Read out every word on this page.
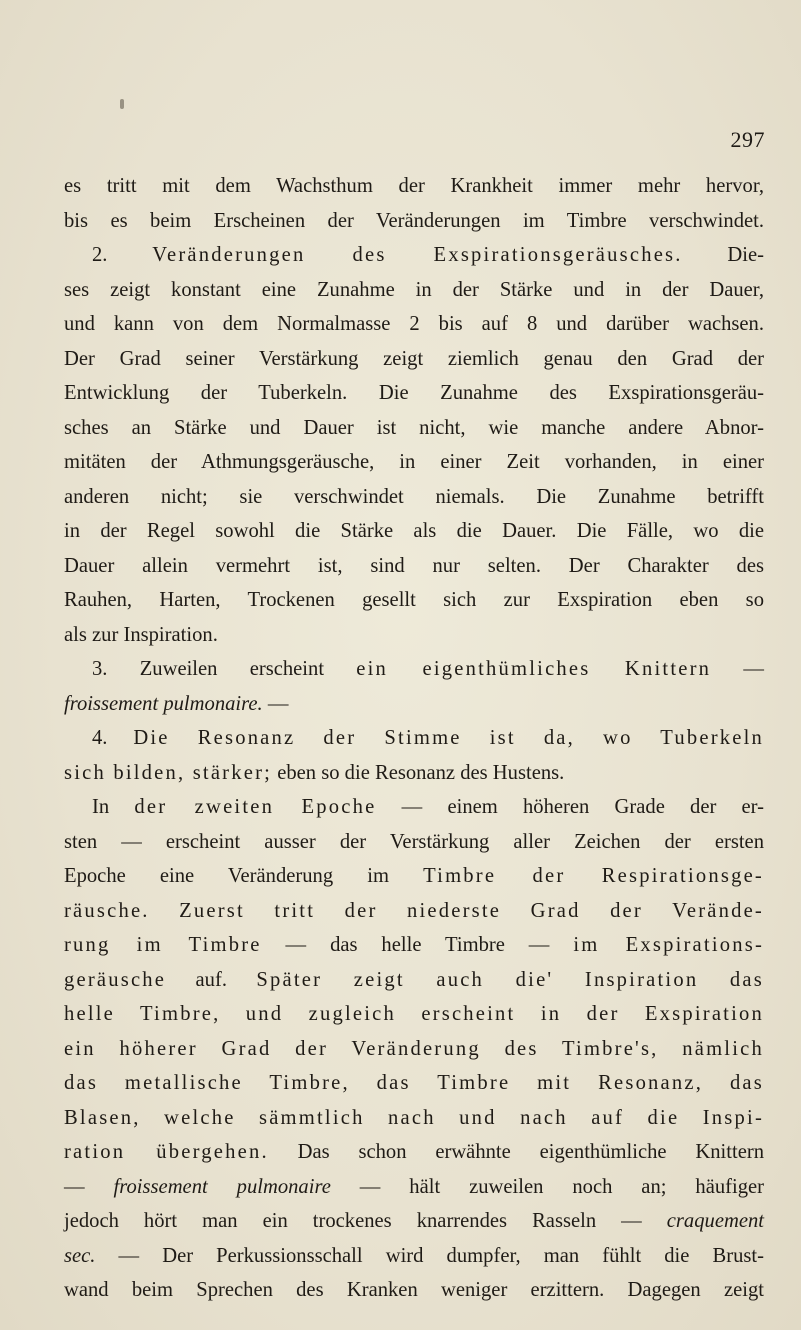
297
es tritt mit dem Wachsthum der Krankheit immer mehr hervor,
bis es beim Erscheinen der Veränderungen im Timbre verschwindet.
2. Veränderungen des Exspirationsgeräusches. Die-
ses zeigt konstant eine Zunahme in der Stärke und in der Dauer,
und kann von dem Normalmasse 2 bis auf 8 und darüber wachsen.
Der Grad seiner Verstärkung zeigt ziemlich genau den Grad der
Entwicklung der Tuberkeln. Die Zunahme des Exspirationsgeräu-
sches an Stärke und Dauer ist nicht, wie manche andere Abnor-
mitäten der Athmungsgeräusche, in einer Zeit vorhanden, in einer
anderen nicht; sie verschwindet niemals. Die Zunahme betrifft
in der Regel sowohl die Stärke als die Dauer. Die Fälle, wo die
Dauer allein vermehrt ist, sind nur selten. Der Charakter des
Rauhen, Harten, Trockenen gesellt sich zur Exspiration eben so
als zur Inspiration.
3. Zuweilen erscheint ein eigenthümliches Knittern —
froissement pulmonaire. —
4. Die Resonanz der Stimme ist da, wo Tuberkeln
sich bilden, stärker; eben so die Resonanz des Hustens.
In der zweiten Epoche — einem höheren Grade der er-
sten — erscheint ausser der Verstärkung aller Zeichen der ersten
Epoche eine Veränderung im Timbre der Respirationsge-
räusche. Zuerst tritt der niederste Grad der Verände-
rung im Timbre — das helle Timbre — im Exspirations-
geräusche auf. Später zeigt auch die' Inspiration das
helle Timbre, und zugleich erscheint in der Exspiration
ein höherer Grad der Veränderung des Timbre's, nämlich
das metallische Timbre, das Timbre mit Resonanz, das
Blasen, welche sämmtlich nach und nach auf die Inspi-
ration übergehen. Das schon erwähnte eigenthümliche Knittern
— froissement pulmonaire — hält zuweilen noch an; häufiger
jedoch hört man ein trockenes knarrendes Rasseln — craquement
sec. — Der Perkussionsschall wird dumpfer, man fühlt die Brust-
wand beim Sprechen des Kranken weniger erzittern. Dagegen zeigt
